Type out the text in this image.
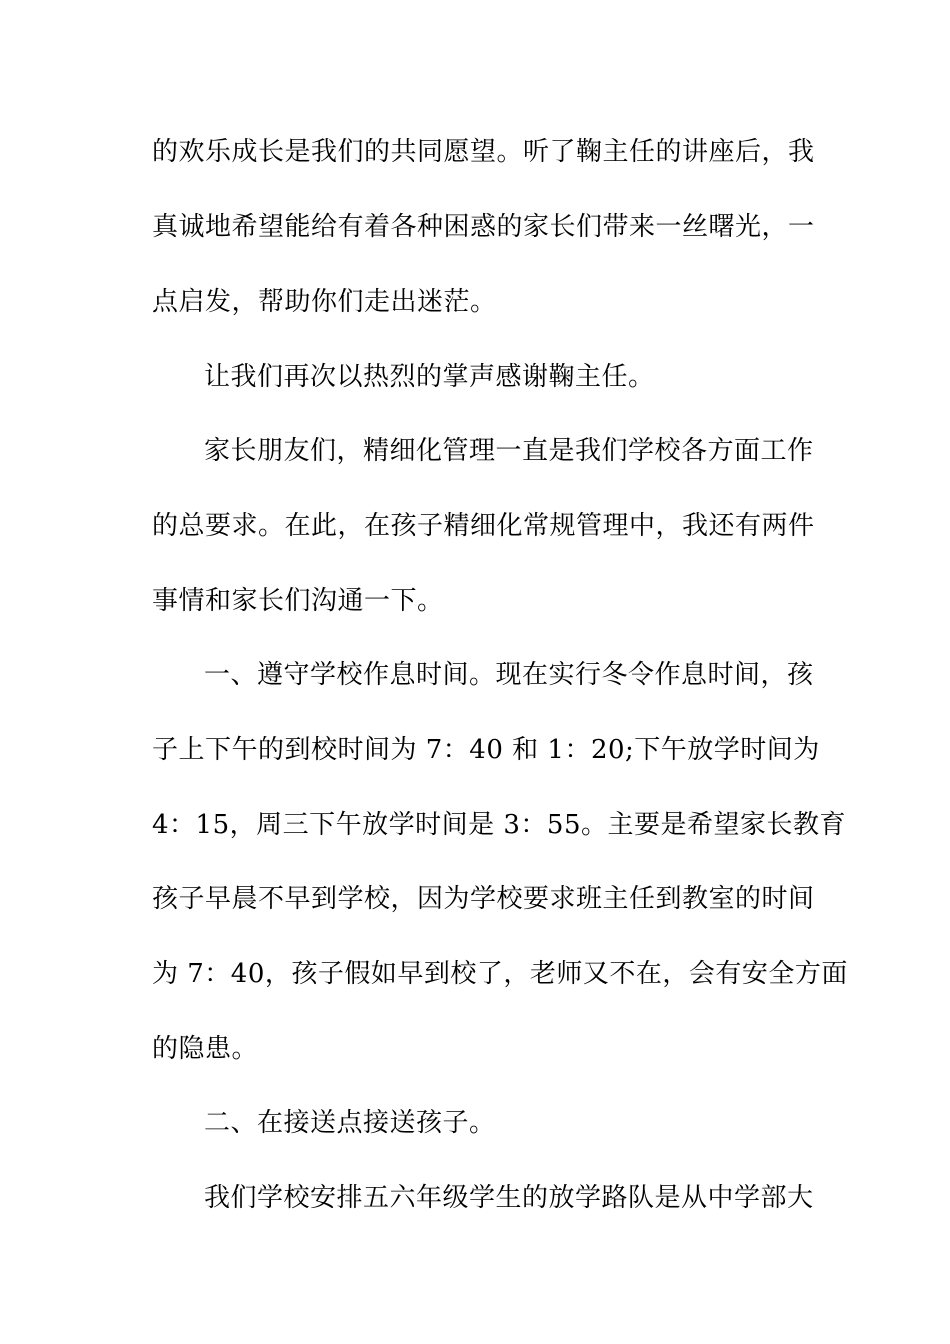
的欢乐成长是我们的共同愿望。听了鞠主任的讲座后，我
真诚地希望能给有着各种困惑的家长们带来一丝曙光，一
点启发，帮助你们走出迷茫。
让我们再次以热烈的掌声感谢鞠主任。
家长朋友们，精细化管理一直是我们学校各方面工作
的总要求。在此，在孩子精细化常规管理中，我还有两件
事情和家长们沟通一下。
一、遵守学校作息时间。现在实行冬令作息时间，孩
子上下午的到校时间为 7：40 和 1：20;下午放学时间为
4：15，周三下午放学时间是 3：55。主要是希望家长教育
孩子早晨不早到学校，因为学校要求班主任到教室的时间
为 7：40，孩子假如早到校了，老师又不在，会有安全方面
的隐患。
二、在接送点接送孩子。
我们学校安排五六年级学生的放学路队是从中学部大
